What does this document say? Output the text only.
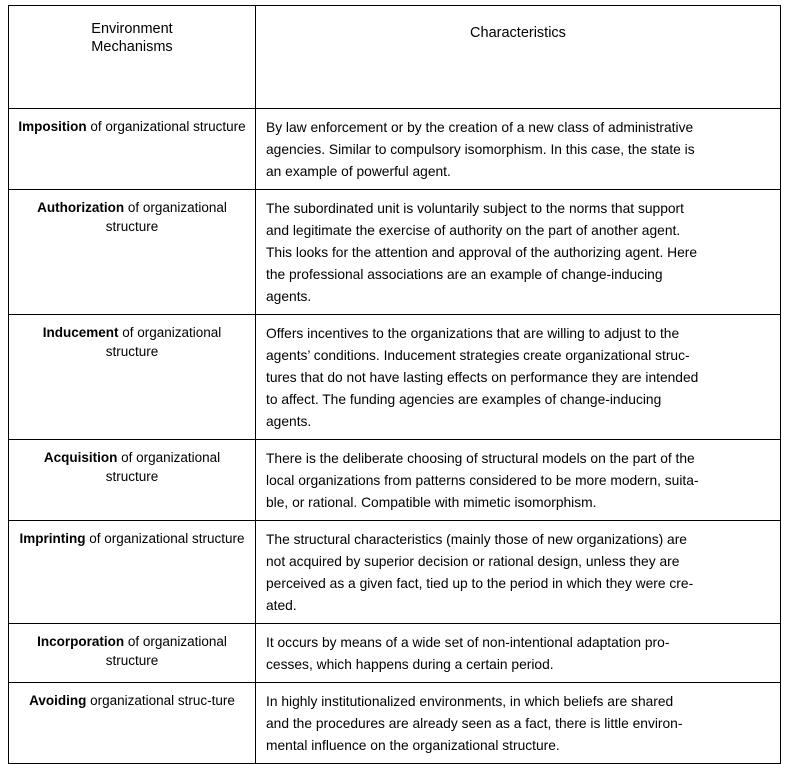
Environment
Mechanisms	Characteristics
Imposition of organizational structure	By law enforcement or by the creation of a new class of administrative
agencies. Similar to compulsory isomorphism. In this case, the state is
an example of powerful agent.

Authorization of organizational structure	The subordinated unit is voluntarily subject to the norms that support
and legitimate the exercise of authority on the part of another agent.
This looks for the attention and approval of the authorizing agent. Here
the professional associations are an example of change-inducing
agents.

Inducement of organizational structure	Offers incentives to the organizations that are willing to adjust to the
agents’ conditions. Inducement strategies create organizational struc-
tures that do not have lasting effects on performance they are intended
to affect. The funding agencies are examples of change-inducing
agents.

Acquisition of organizational structure	There is the deliberate choosing of structural models on the part of the
local organizations from patterns considered to be more modern, suita-
ble, or rational. Compatible with mimetic isomorphism.

Imprinting of organizational structure	The structural characteristics (mainly those of new organizations) are
not acquired by superior decision or rational design, unless they are
perceived as a given fact, tied up to the period in which they were cre-
ated.

Incorporation of organizational structure	It occurs by means of a wide set of non-intentional adaptation pro-
cesses, which happens during a certain period.

Avoiding organizational struc-ture	In highly institutionalized environments, in which beliefs are shared
and the procedures are already seen as a fact, there is little environ-
mental influence on the organizational structure.
